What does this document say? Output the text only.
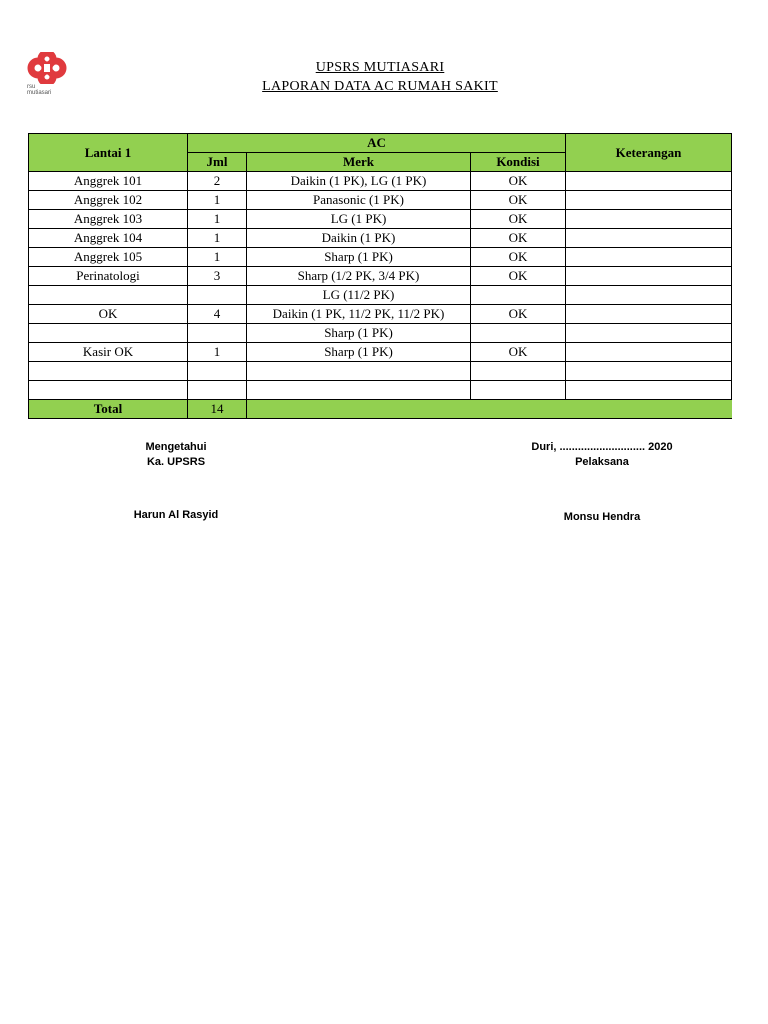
rsu
mutiasari
UPSRS MUTIASARI
LAPORAN DATA AC RUMAH SAKIT
Lantai 1	AC			Keterangan
	Jml	Merk	Kondisi	
Anggrek 101	2	Daikin (1 PK), LG (1 PK)	OK	
Anggrek 102	1	Panasonic (1 PK)	OK	
Anggrek 103	1	LG (1 PK)	OK	
Anggrek 104	1	Daikin (1 PK)	OK	
Anggrek 105	1	Sharp (1 PK)	OK	
Perinatologi	3	Sharp (1/2 PK, 3/4 PK)	OK	
		LG (11/2 PK)		
OK	4	Daikin (1 PK, 11/2 PK, 11/2 PK)	OK	
		Sharp (1 PK)		
Kasir OK	1	Sharp (1 PK)	OK	

Total	14			
Mengetahui
Ka. UPSRS
Harun Al Rasyid
Duri, ............................ 2020
Pelaksana
Monsu Hendra
